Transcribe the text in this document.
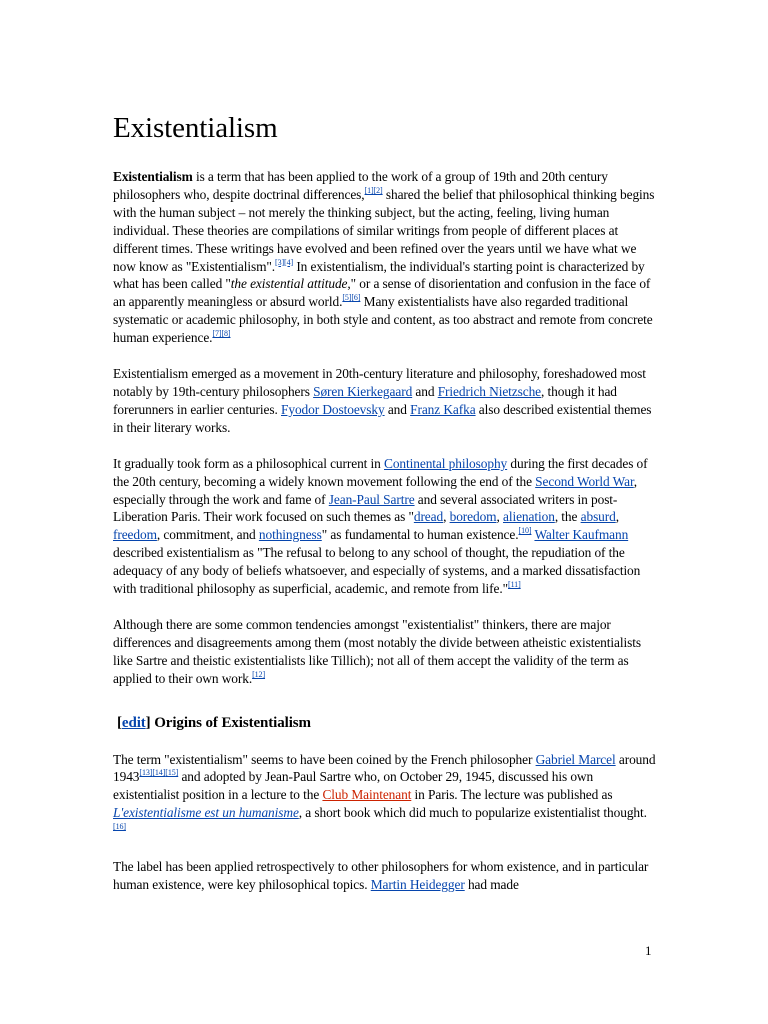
Existentialism

Existentialism is a term that has been applied to the work of a group of 19th and 20th century philosophers who, despite doctrinal differences,[1][2] shared the belief that philosophical thinking begins with the human subject – not merely the thinking subject, but the acting, feeling, living human individual. These theories are compilations of similar writings from people of different places at different times. These writings have evolved and been refined over the years until we have what we now know as "Existentialism".[3][4] In existentialism, the individual's starting point is characterized by what has been called "the existential attitude," or a sense of disorientation and confusion in the face of an apparently meaningless or absurd world.[5][6] Many existentialists have also regarded traditional systematic or academic philosophy, in both style and content, as too abstract and remote from concrete human experience.[7][8]

Existentialism emerged as a movement in 20th-century literature and philosophy, foreshadowed most notably by 19th-century philosophers Søren Kierkegaard and Friedrich Nietzsche, though it had forerunners in earlier centuries. Fyodor Dostoevsky and Franz Kafka also described existential themes in their literary works.

It gradually took form as a philosophical current in Continental philosophy during the first decades of the 20th century, becoming a widely known movement following the end of the Second World War, especially through the work and fame of Jean-Paul Sartre and several associated writers in post-Liberation Paris. Their work focused on such themes as "dread, boredom, alienation, the absurd, freedom, commitment, and nothingness" as fundamental to human existence.[10] Walter Kaufmann described existentialism as "The refusal to belong to any school of thought, the repudiation of the adequacy of any body of beliefs whatsoever, and especially of systems, and a marked dissatisfaction with traditional philosophy as superficial, academic, and remote from life."[11]

Although there are some common tendencies amongst "existentialist" thinkers, there are major differences and disagreements among them (most notably the divide between atheistic existentialists like Sartre and theistic existentialists like Tillich); not all of them accept the validity of the term as applied to their own work.[12]

[edit] Origins of Existentialism

The term "existentialism" seems to have been coined by the French philosopher Gabriel Marcel around 1943[13][14][15] and adopted by Jean-Paul Sartre who, on October 29, 1945, discussed his own existentialist position in a lecture to the Club Maintenant in Paris. The lecture was published as L'existentialisme est un humanisme, a short book which did much to popularize existentialist thought.[16]

The label has been applied retrospectively to other philosophers for whom existence, and in particular human existence, were key philosophical topics. Martin Heidegger had made

1
